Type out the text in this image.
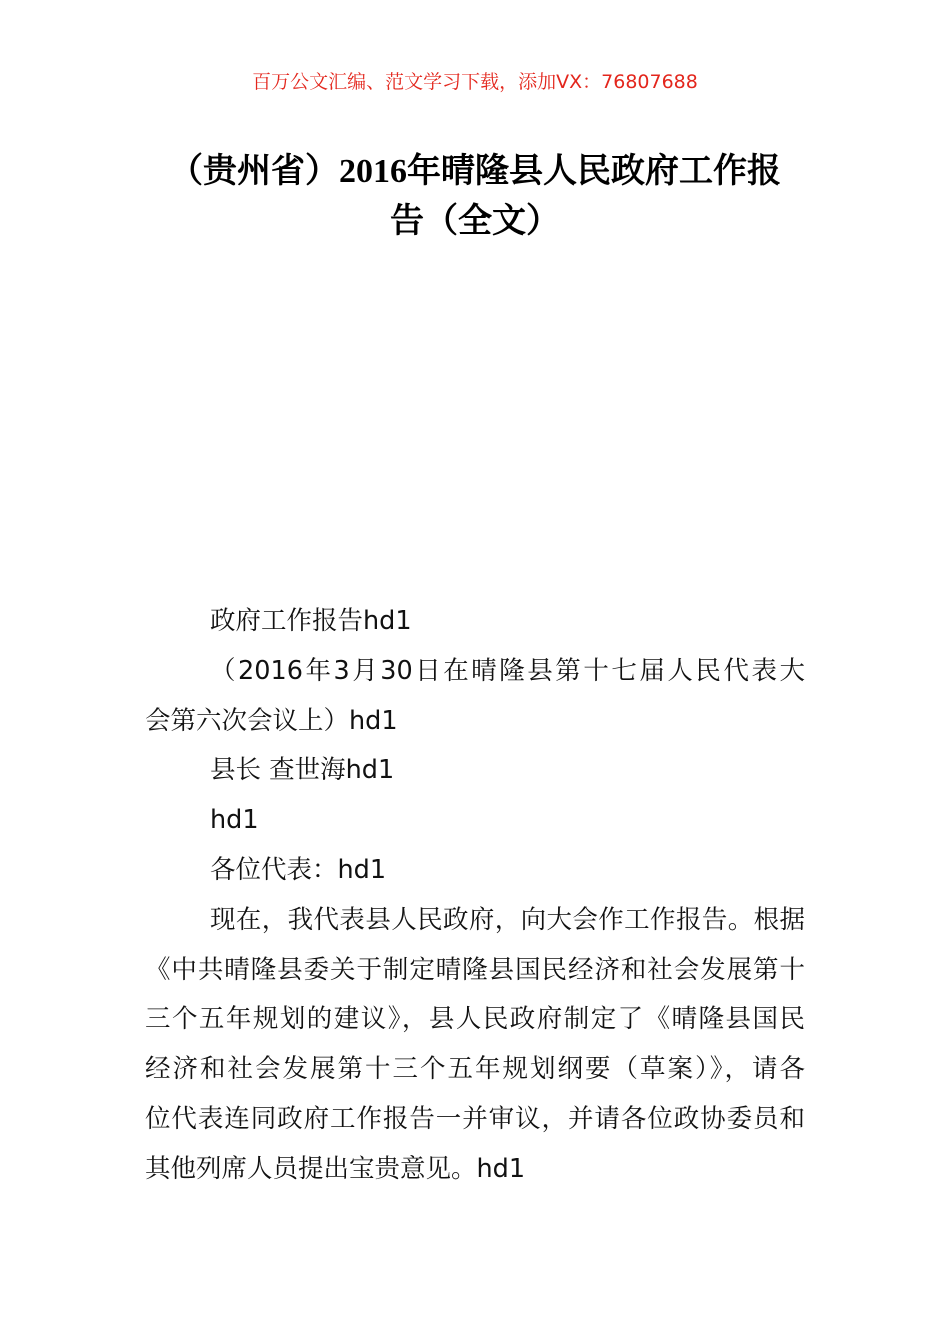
百万公文汇编、范文学习下载，添加VX：76807688
（贵州省）2016年晴隆县人民政府工作报
告（全文）
政府工作报告hd1
（2016年3月30日在晴隆县第十七届人民代表大
会第六次会议上）hd1
县长 查世海hd1
hd1
各位代表：hd1
现在，我代表县人民政府，向大会作工作报告。根据
《中共晴隆县委关于制定晴隆县国民经济和社会发展第十
三个五年规划的建议》，县人民政府制定了《晴隆县国民
经济和社会发展第十三个五年规划纲要（草案）》，请各
位代表连同政府工作报告一并审议，并请各位政协委员和
其他列席人员提出宝贵意见。hd1
